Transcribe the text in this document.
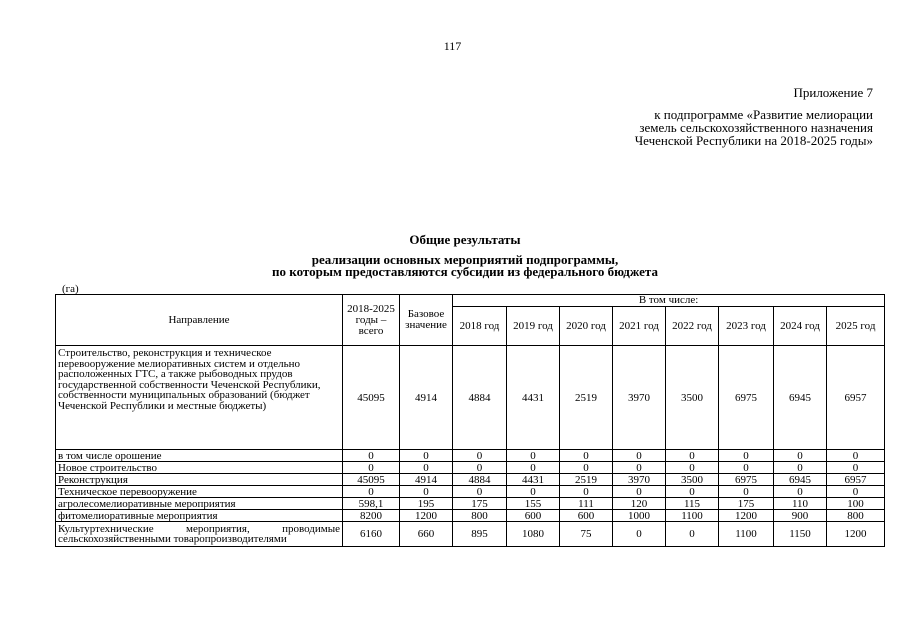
117
Приложение 7
к подпрограмме «Развитие мелиорации
земель сельскохозяйственного назначения
Чеченской Республики на 2018-2025 годы»
Общие результаты
реализации основных мероприятий подпрограммы,
по которым предоставляются субсидии из федерального бюджета
(га)
Направление	2018-2025 годы – всего	Базовое значение	В том числе:							
			2018 год	2019 год	2020 год	2021 год	2022 год	2023 год	2024 год	2025 год
Строительство, реконструкция и техническое перевооружение мелиоративных систем и отдельно расположенных ГТС, а также рыбоводных прудов государственной собственности Чеченской Республики, собственности муниципальных образований (бюджет Чеченской Республики и местные бюджеты)	45095	4914	4884	4431	2519	3970	3500	6975	6945	6957
в том числе орошение	0	0	0	0	0	0	0	0	0	0
Новое строительство	0	0	0	0	0	0	0	0	0	0
Реконструкция	45095	4914	4884	4431	2519	3970	3500	6975	6945	6957
Техническое перевооружение	0	0	0	0	0	0	0	0	0	0
агролесомелиоративные мероприятия	598,1	195	175	155	111	120	115	175	110	100
фитомелиоративные мероприятия	8200	1200	800	600	600	1000	1100	1200	900	800
Культуртехнические мероприятия, проводимые сельскохозяйственными товаропроизводителями	6160	660	895	1080	75	0	0	1100	1150	1200
